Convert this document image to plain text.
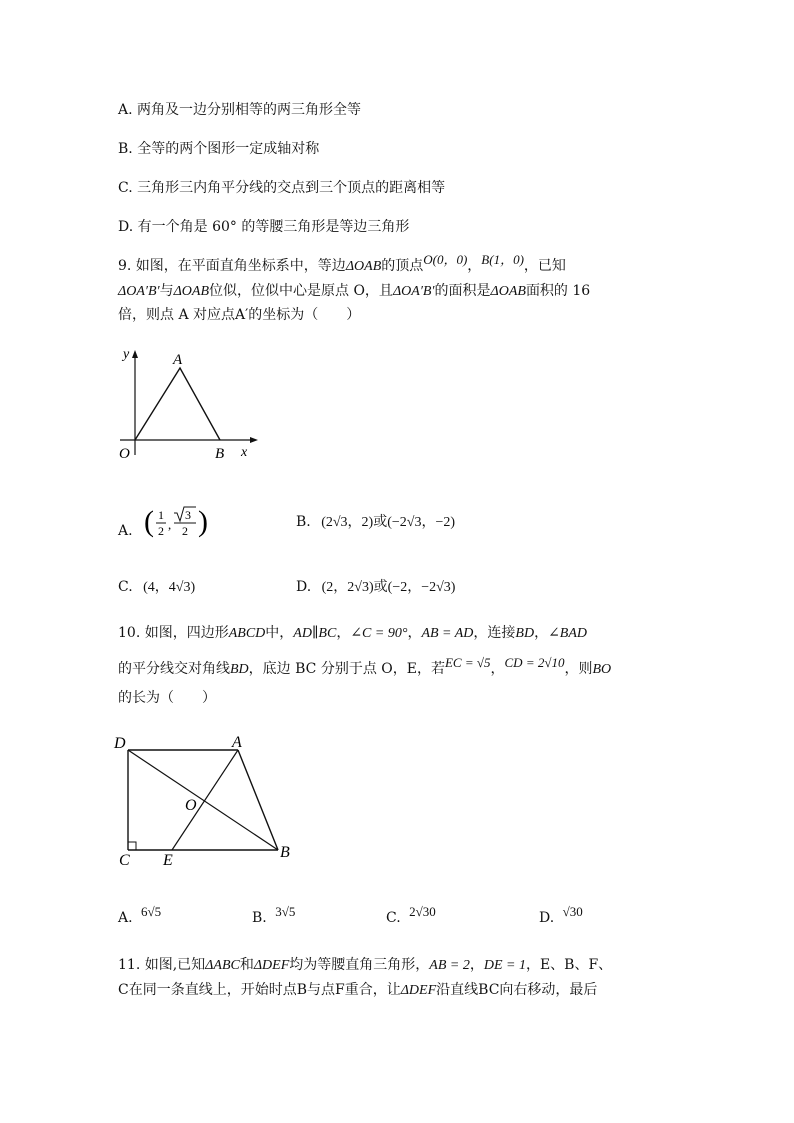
A. 两角及一边分别相等的两三角形全等
B. 全等的两个图形一定成轴对称
C. 三角形三内角平分线的交点到三个顶点的距离相等
D. 有一个角是 60° 的等腰三角形是等边三角形
9. 如图，在平面直角坐标系中，等边ΔOAB的顶点O(0，0)，B(1，0)，已知
ΔOA′B′与ΔOAB位似，位似中心是原点 O，且ΔOA′B′的面积是ΔOAB面积的 16
倍，则点 A 对应点A′的坐标为（　　）
y	A
O	B x
A. ( 1
2 ,
3
2 )	B. (2√3，2)或(−2√3，−2)
C. (4，4√3)	D. (2，2√3)或(−2，−2√3)
10. 如图，四边形ABCD中，AD∥BC，∠C = 90°，AB = AD，连接BD，∠BAD
的平分线交对角线BD，底边 BC 分别于点 O，E，若EC = √5，CD = 2√10，则BO
的长为（　　）
D	A
O
C E	B
A. 6√5	B. 3√5	C. 2√30	D. √30
11. 如图,已知ΔABC和ΔDEF均为等腰直角三角形，AB = 2，DE = 1，E、B、F、
C在同一条直线上，开始时点B与点F重合，让ΔDEF沿直线BC向右移动，最后
